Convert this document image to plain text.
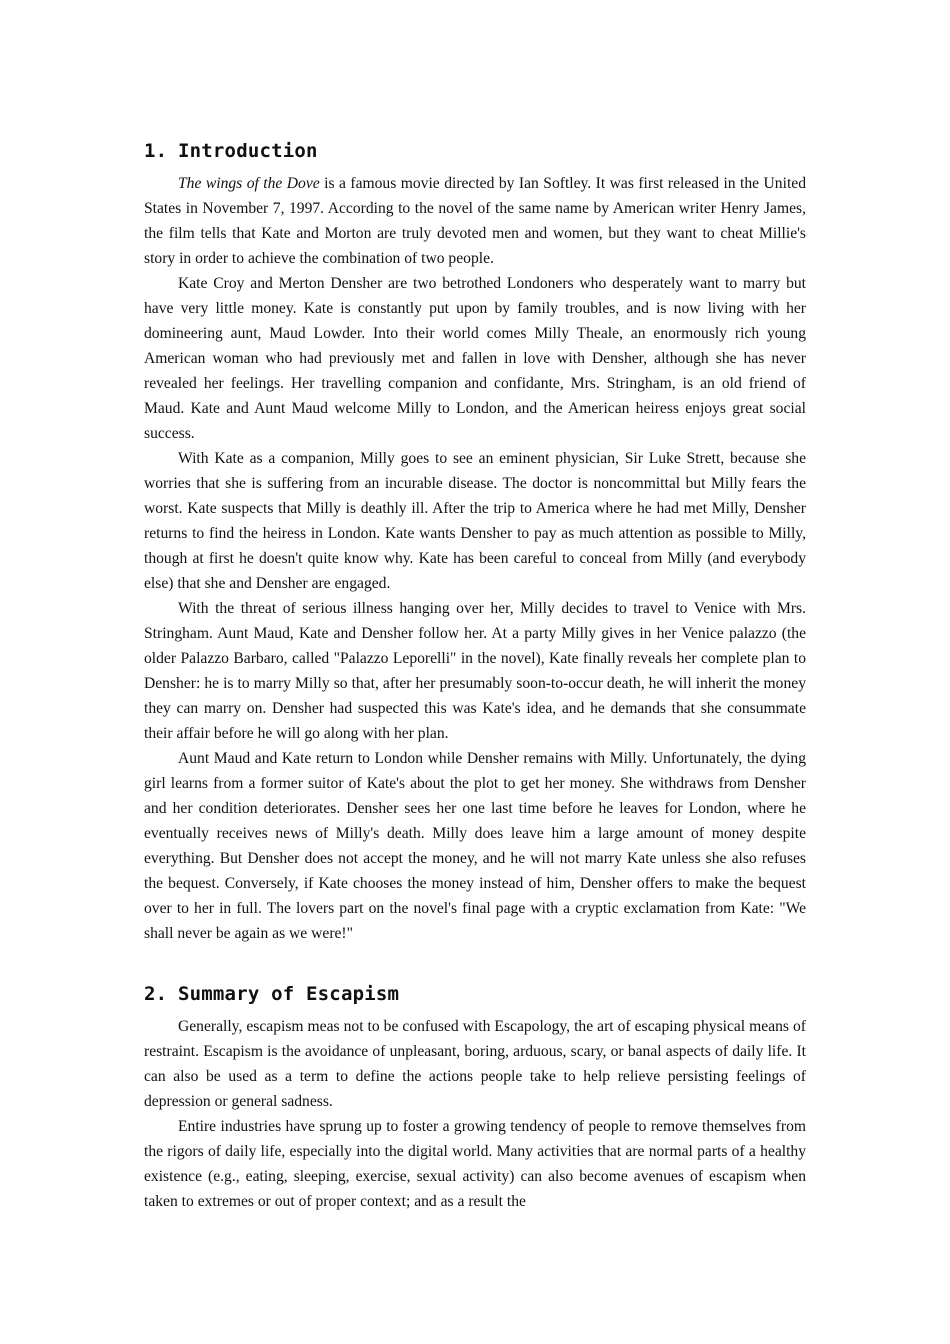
1. Introduction

The wings of the Dove is a famous movie directed by Ian Softley. It was first released in the United States in November 7, 1997. According to the novel of the same name by American writer Henry James, the film tells that Kate and Morton are truly devoted men and women, but they want to cheat Millie's story in order to achieve the combination of two people.

Kate Croy and Merton Densher are two betrothed Londoners who desperately want to marry but have very little money. Kate is constantly put upon by family troubles, and is now living with her domineering aunt, Maud Lowder. Into their world comes Milly Theale, an enormously rich young American woman who had previously met and fallen in love with Densher, although she has never revealed her feelings. Her travelling companion and confidante, Mrs. Stringham, is an old friend of Maud. Kate and Aunt Maud welcome Milly to London, and the American heiress enjoys great social success.

With Kate as a companion, Milly goes to see an eminent physician, Sir Luke Strett, because she worries that she is suffering from an incurable disease. The doctor is noncommittal but Milly fears the worst. Kate suspects that Milly is deathly ill. After the trip to America where he had met Milly, Densher returns to find the heiress in London. Kate wants Densher to pay as much attention as possible to Milly, though at first he doesn't quite know why. Kate has been careful to conceal from Milly (and everybody else) that she and Densher are engaged.

With the threat of serious illness hanging over her, Milly decides to travel to Venice with Mrs. Stringham. Aunt Maud, Kate and Densher follow her. At a party Milly gives in her Venice palazzo (the older Palazzo Barbaro, called "Palazzo Leporelli" in the novel), Kate finally reveals her complete plan to Densher: he is to marry Milly so that, after her presumably soon-to-occur death, he will inherit the money they can marry on. Densher had suspected this was Kate's idea, and he demands that she consummate their affair before he will go along with her plan.

Aunt Maud and Kate return to London while Densher remains with Milly. Unfortunately, the dying girl learns from a former suitor of Kate's about the plot to get her money. She withdraws from Densher and her condition deteriorates. Densher sees her one last time before he leaves for London, where he eventually receives news of Milly's death. Milly does leave him a large amount of money despite everything. But Densher does not accept the money, and he will not marry Kate unless she also refuses the bequest. Conversely, if Kate chooses the money instead of him, Densher offers to make the bequest over to her in full. The lovers part on the novel's final page with a cryptic exclamation from Kate: "We shall never be again as we were!"

2. Summary of Escapism

Generally, escapism meas not to be confused with Escapology, the art of escaping physical means of restraint. Escapism is the avoidance of unpleasant, boring, arduous, scary, or banal aspects of daily life. It can also be used as a term to define the actions people take to help relieve persisting feelings of depression or general sadness.

Entire industries have sprung up to foster a growing tendency of people to remove themselves from the rigors of daily life, especially into the digital world. Many activities that are normal parts of a healthy existence (e.g., eating, sleeping, exercise, sexual activity) can also become avenues of escapism when taken to extremes or out of proper context; and as a result the
